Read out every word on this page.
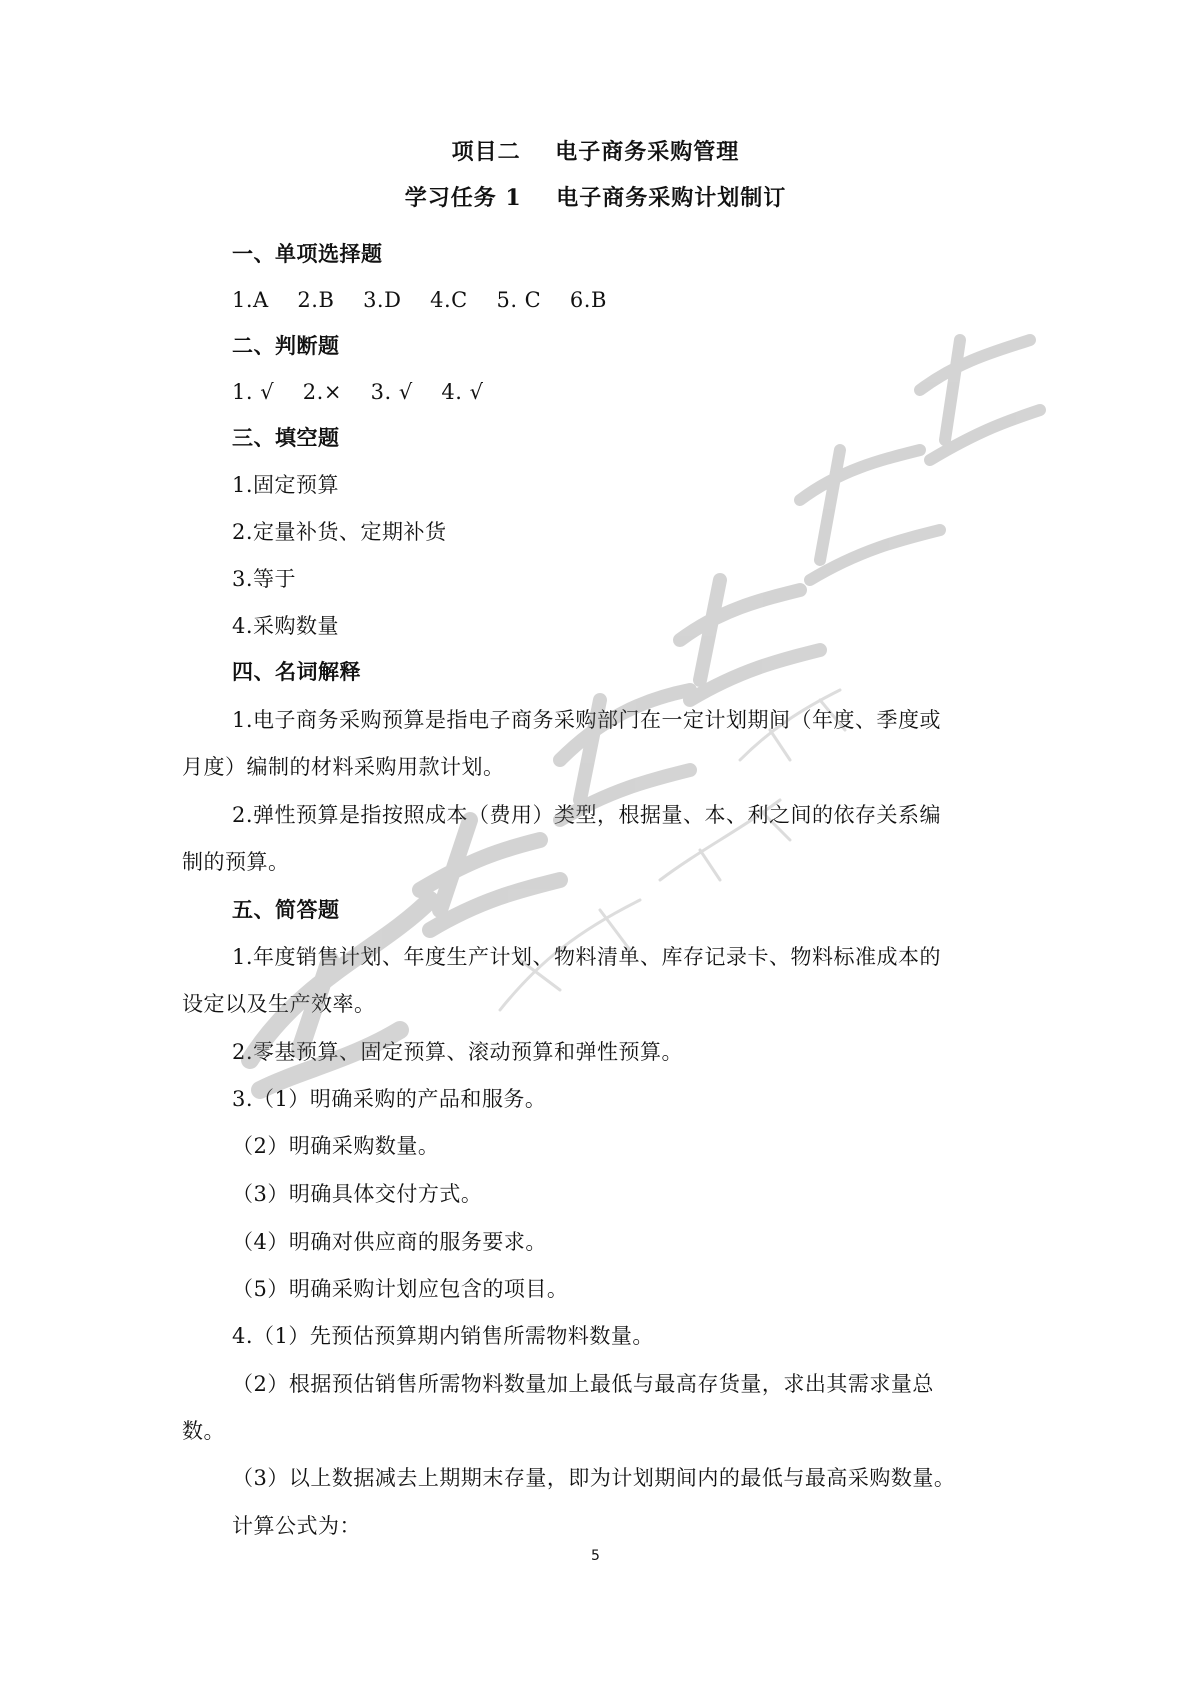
项目二    电子商务采购管理
学习任务 1    电子商务采购计划制订
一、单项选择题
1.A    2.B    3.D    4.C    5. C    6.B
二、判断题
1. √    2.×    3. √    4. √
三、填空题
1.固定预算
2.定量补货、定期补货
3.等于
4.采购数量
四、名词解释
1.电子商务采购预算是指电子商务采购部门在一定计划期间（年度、季度或
月度）编制的材料采购用款计划。
2.弹性预算是指按照成本（费用）类型，根据量、本、利之间的依存关系编
制的预算。
五、简答题
1.年度销售计划、年度生产计划、物料清单、库存记录卡、物料标准成本的
设定以及生产效率。
2.零基预算、固定预算、滚动预算和弹性预算。
3.（1）明确采购的产品和服务。
（2）明确采购数量。
（3）明确具体交付方式。
（4）明确对供应商的服务要求。
（5）明确采购计划应包含的项目。
4.（1）先预估预算期内销售所需物料数量。
（2）根据预估销售所需物料数量加上最低与最高存货量，求出其需求量总
数。
（3）以上数据减去上期期末存量，即为计划期间内的最低与最高采购数量。
计算公式为：
5
